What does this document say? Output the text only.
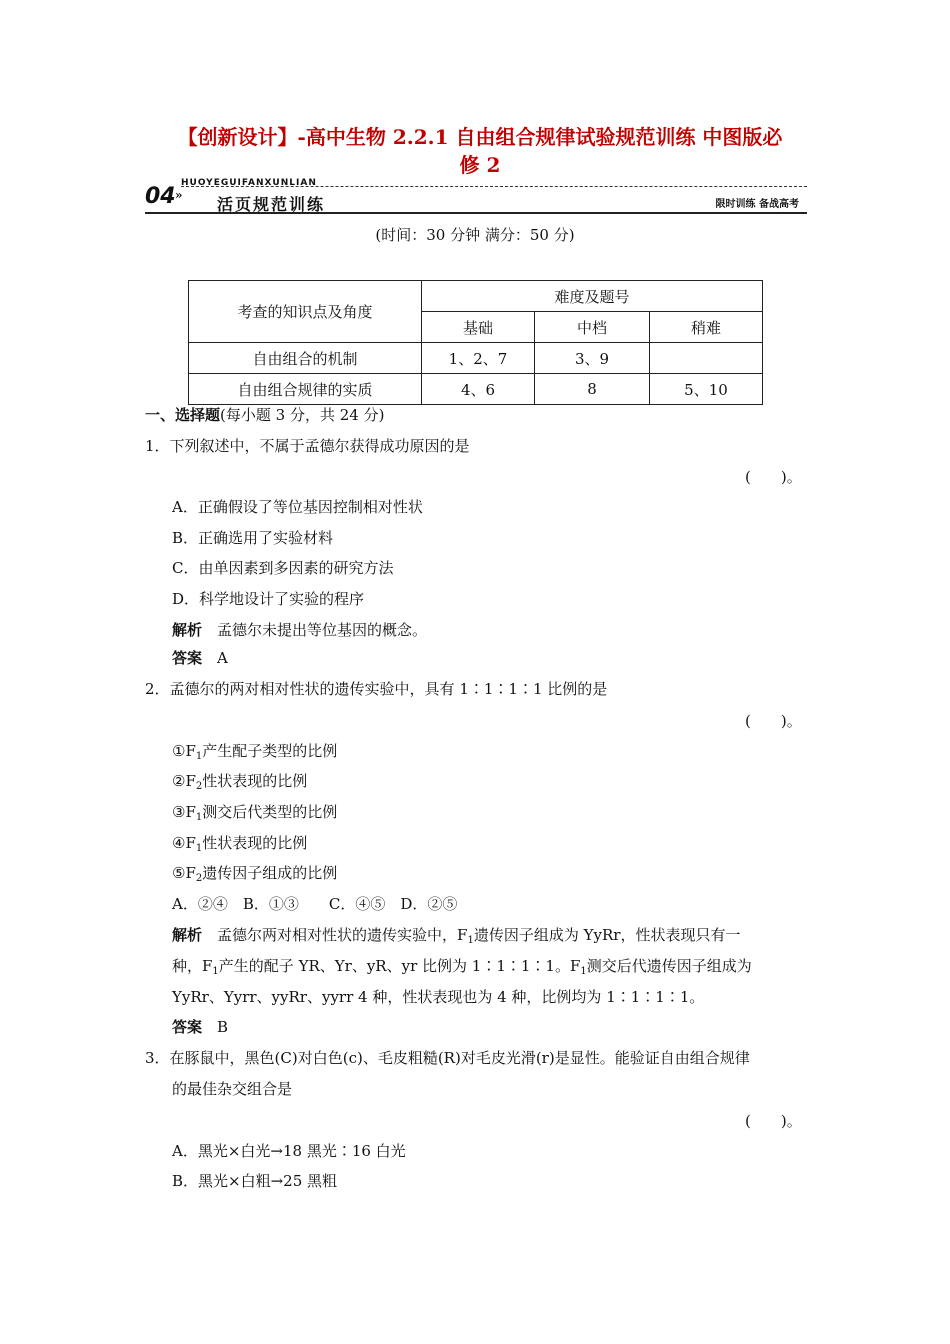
【创新设计】-高中生物 2.2.1 自由组合规律试验规范训练 中图版必
修 2
HUOYEGUIFANXUNLIAN
04 » 活页规范训练	限时训练 备战高考
(时间：30 分钟 满分：50 分)
考查的知识点及角度	难度及题号		
	基础	中档	稍难
自由组合的机制	1、2、7	3、9	
自由组合规律的实质	4、6	8	5、10
一、选择题(每小题 3 分，共 24 分)
1．下列叙述中，不属于孟德尔获得成功原因的是
(　　)。
A．正确假设了等位基因控制相对性状
B．正确选用了实验材料
C．由单因素到多因素的研究方法
D．科学地设计了实验的程序
解析　 孟德尔未提出等位基因的概念。
答案　 A
2．孟德尔的两对相对性状的遗传实验中，具有 1∶1∶1∶1 比例的是
(　　)。
$①F_1$产生配子类型的比例
$②F_2$性状表现的比例
$③F_1$测交后代类型的比例
$④F_1$性状表现的比例
$⑤F_2$遗传因子组成的比例
A．②④　B．①③　　C．④⑤　D．②⑤
解析　 孟德尔两对相对性状的遗传实验中，$F_1$遗传因子组成为 YyRr，性状表现只有一
种，$F_1$产生的配子 YR、Yr、yR、yr 比例为 1∶1∶1∶1。$F_1$测交后代遗传因子组成为
YyRr、Yyrr、yyRr、yyrr 4 种，性状表现也为 4 种，比例均为 1∶1∶1∶1。
答案　 B
3．在豚鼠中，黑色(C)对白色(c)、毛皮粗糙(R)对毛皮光滑(r)是显性。能验证自由组合规律
的最佳杂交组合是
(　　)。
A．黑光×白光→18 黑光∶16 白光
B．黑光×白粗→25 黑粗
